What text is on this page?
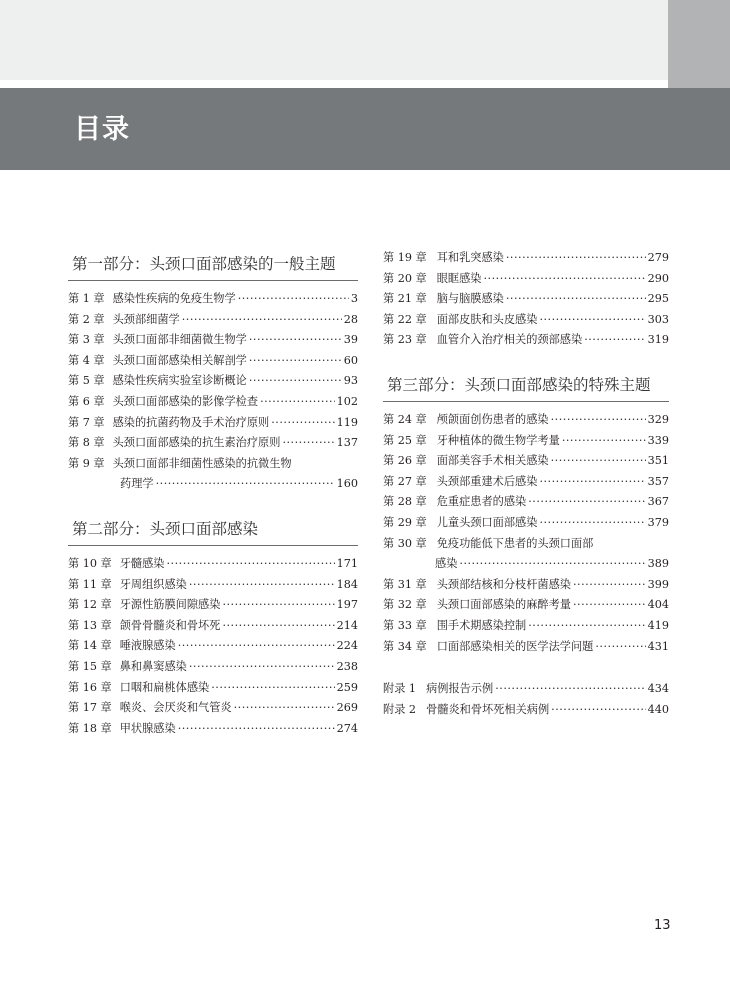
目录
第一部分：头颈口面部感染的一般主题
第 1 章 感染性疾病的免疫生物学 ·····	3
第 2 章 头颈部细菌学 ·····	28
第 3 章 头颈口面部非细菌微生物学 ·····	39
第 4 章 头颈口面部感染相关解剖学 ·····	60
第 5 章 感染性疾病实验室诊断概论 ·····	93
第 6 章 头颈口面部感染的影像学检查 ·····	102
第 7 章 感染的抗菌药物及手术治疗原则 ·····	119
第 8 章 头颈口面部感染的抗生素治疗原则 ·····	137
第 9 章 头颈口面部非细菌性感染的抗微生物
药理学 ·····	160
第二部分：头颈口面部感染
第 10 章 牙髓感染 ·····	171
第 11 章 牙周组织感染 ·····	184
第 12 章 牙源性筋膜间隙感染 ·····	197
第 13 章 颌骨骨髓炎和骨坏死 ·····	214
第 14 章 唾液腺感染 ·····	224
第 15 章 鼻和鼻窦感染 ·····	238
第 16 章 口咽和扁桃体感染 ·····	259
第 17 章 喉炎、会厌炎和气管炎 ·····	269
第 18 章 甲状腺感染 ·····	274
第 19 章 耳和乳突感染 ·····	279
第 20 章 眼眶感染 ·····	290
第 21 章 脑与脑膜感染 ·····	295
第 22 章 面部皮肤和头皮感染 ·····	303
第 23 章 血管介入治疗相关的颈部感染 ·····	319
第三部分：头颈口面部感染的特殊主题
第 24 章 颅颌面创伤患者的感染 ·····	329
第 25 章 牙种植体的微生物学考量 ·····	339
第 26 章 面部美容手术相关感染 ·····	351
第 27 章 头颈部重建术后感染 ·····	357
第 28 章 危重症患者的感染 ·····	367
第 29 章 儿童头颈口面部感染 ·····	379
第 30 章 免疫功能低下患者的头颈口面部
感染 ·····	389
第 31 章 头颈部结核和分枝杆菌感染 ·····	399
第 32 章 头颈口面部感染的麻醉考量 ·····	404
第 33 章 围手术期感染控制 ·····	419
第 34 章 口面部感染相关的医学法学问题 ·····	431
附录 1 病例报告示例 ·····	434
附录 2 骨髓炎和骨坏死相关病例 ·····	440
13
